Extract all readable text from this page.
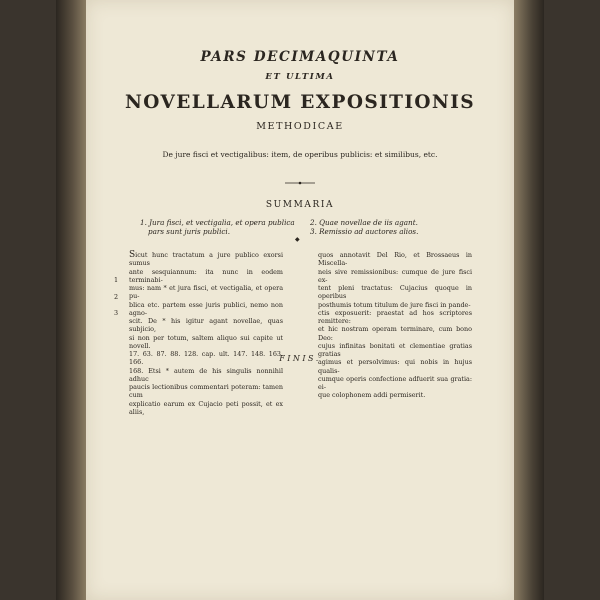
PARS DECIMAQUINTA
ET ULTIMA
NOVELLARUM EXPOSITIONIS
METHODICAE
De jure fisci et vectigalibus: item, de operibus publicis: et similibus, etc.
SUMMARIA

1. Jura fisci, et vectigalia, et opera publica

pars sunt juris publici.

2. Quae novellae de iis agant.

3. Remissio ad auctores alios.

◆
1
2
3
Sicut hunc tractatum a jure publico exorsi sumus
ante sesquiannum: ita nunc in eodem terminabi-
mus: nam * et jura fisci, et vectigalia, et opera pu-
blica etc. partem esse juris publici, nemo non agno-
scit. De * his igitur agant novellae, quas subjicio,
si non per totum, saltem aliquo sui capite ut novell.
17. 63. 87. 88. 128. cap. ult. 147. 148. 163. 166.
168. Etsi * autem de his singulis nonnihil adhuc
paucis lectionibus commentari poteram: tamen cum
explicatio earum ex Cujacio peti possit, et ex aliis,
quos annotavit Del Rio, et Brossaeus in Miscella-
neis sive remissionibus: cumque de jure fisci ex-
tent pleni tractatus: Cujacius quoque in operibus
posthumis totum titulum de jure fisci in pande-
ctis exposuerit: praestat ad hos scriptores remittere:
et hic nostram operam terminare, cum bono Deo:
cujus infinitas bonitati et clementiae gratias gratias
agimus et persolvimus: qui nobis in hujus qualis-
cumque operis confectione adfuerit sua gratia: ei-
que colophonem addi permiserit.
FINIS.
